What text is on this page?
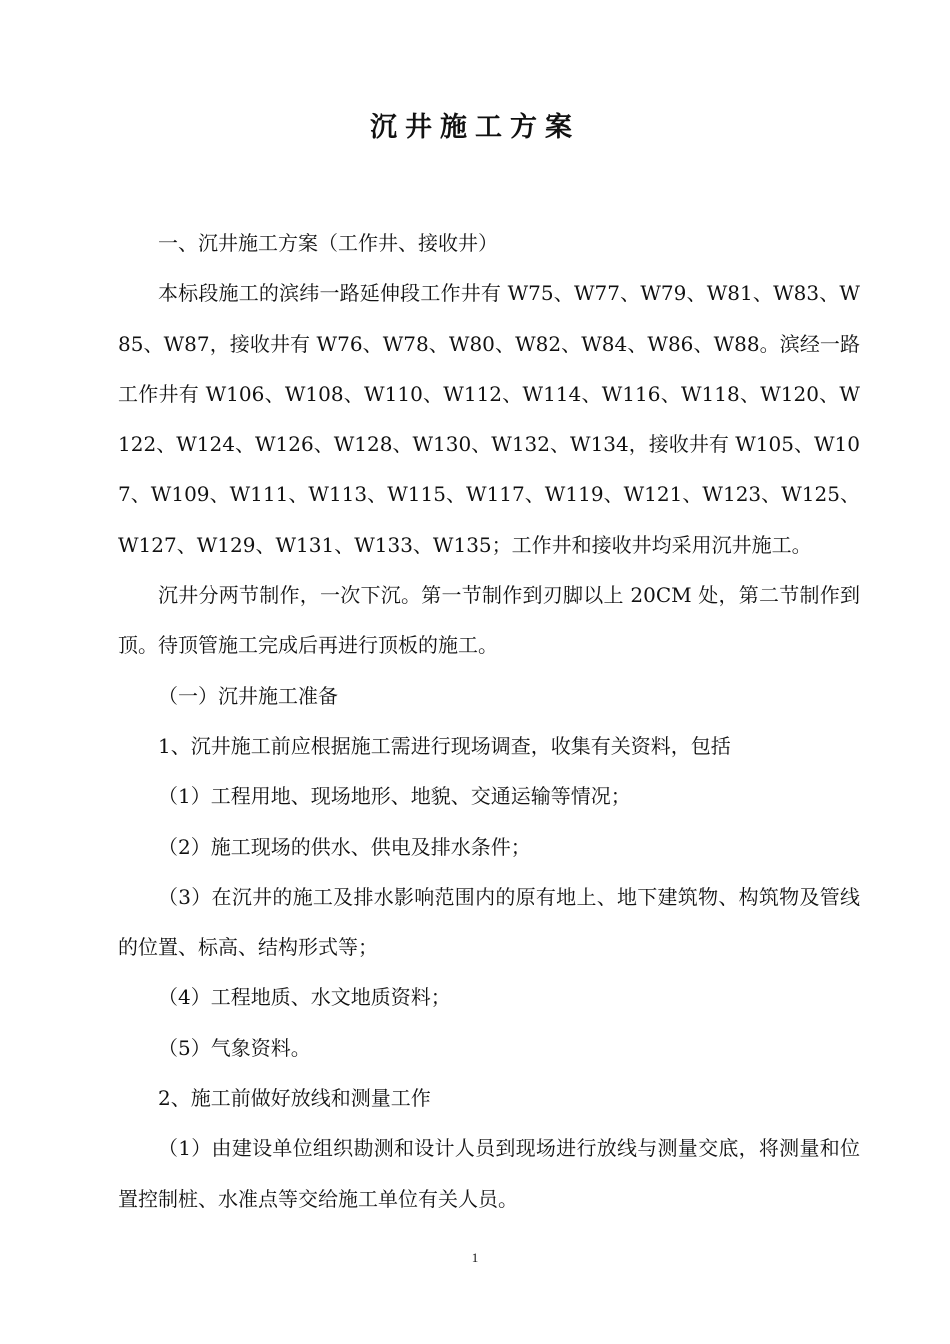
沉井施工方案
一、沉井施工方案（工作井、接收井）

本标段施工的滨纬一路延伸段工作井有 W75、W77、W79、W81、W83、W85、W87，接收井有 W76、W78、W80、W82、W84、W86、W88。滨经一路工作井有 W106、W108、W110、W112、W114、W116、W118、W120、W122、W124、W126、W128、W130、W132、W134，接收井有 W105、W107、W109、W111、W113、W115、W117、W119、W121、W123、W125、W127、W129、W131、W133、W135；工作井和接收井均采用沉井施工。

沉井分两节制作，一次下沉。第一节制作到刃脚以上 20CM 处，第二节制作到顶。待顶管施工完成后再进行顶板的施工。

（一）沉井施工准备
1、沉井施工前应根据施工需进行现场调查，收集有关资料，包括
（1）工程用地、现场地形、地貌、交通运输等情况；
（2）施工现场的供水、供电及排水条件；

（3）在沉井的施工及排水影响范围内的原有地上、地下建筑物、构筑物及管线的位置、标高、结构形式等；

（4）工程地质、水文地质资料；
（5）气象资料。
2、施工前做好放线和测量工作

（1）由建设单位组织勘测和设计人员到现场进行放线与测量交底，将测量和位置控制桩、水准点等交给施工单位有关人员。

1
